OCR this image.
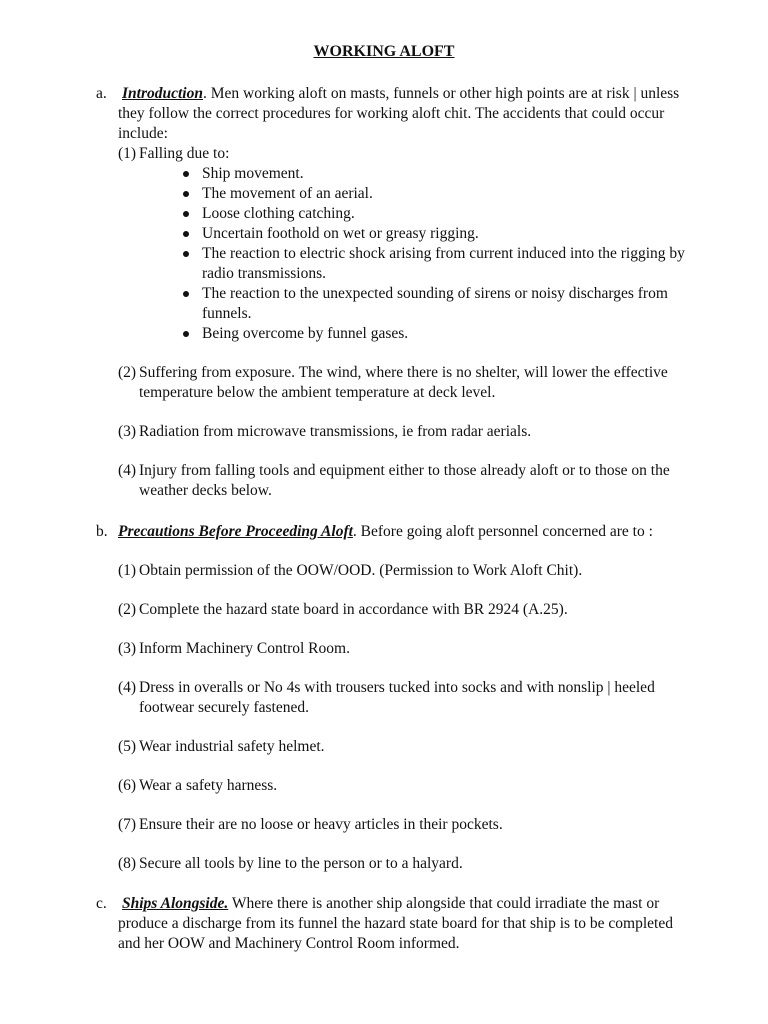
WORKING ALOFT
a. Introduction. Men working aloft on masts, funnels or other high points are at risk | unless they follow the correct procedures for working aloft chit. The accidents that could occur include:

(1) Falling due to:
Ship movement.
The movement of an aerial.
Loose clothing catching.
Uncertain foothold on wet or greasy rigging.
The reaction to electric shock arising from current induced into the rigging by radio transmissions.
The reaction to the unexpected sounding of sirens or noisy discharges from funnels.
Being overcome by funnel gases.
(2) Suffering from exposure. The wind, where there is no shelter, will lower the effective temperature below the ambient temperature at deck level.
(3) Radiation from microwave transmissions, ie from radar aerials.
(4) Injury from falling tools and equipment either to those already aloft or to those on the weather decks below.
b. Precautions Before Proceeding Aloft. Before going aloft personnel concerned are to :

(1) Obtain permission of the OOW/OOD. (Permission to Work Aloft Chit).
(2) Complete the hazard state board in accordance with BR 2924 (A.25).
(3) Inform Machinery Control Room.
(4) Dress in overalls or No 4s with trousers tucked into socks and with nonslip | heeled footwear securely fastened.
(5) Wear industrial safety helmet.
(6) Wear a safety harness.
(7) Ensure their are no loose or heavy articles in their pockets.
(8) Secure all tools by line to the person or to a halyard.
c. Ships Alongside. Where there is another ship alongside that could irradiate the mast or produce a discharge from its funnel the hazard state board for that ship is to be completed and her OOW and Machinery Control Room informed.
